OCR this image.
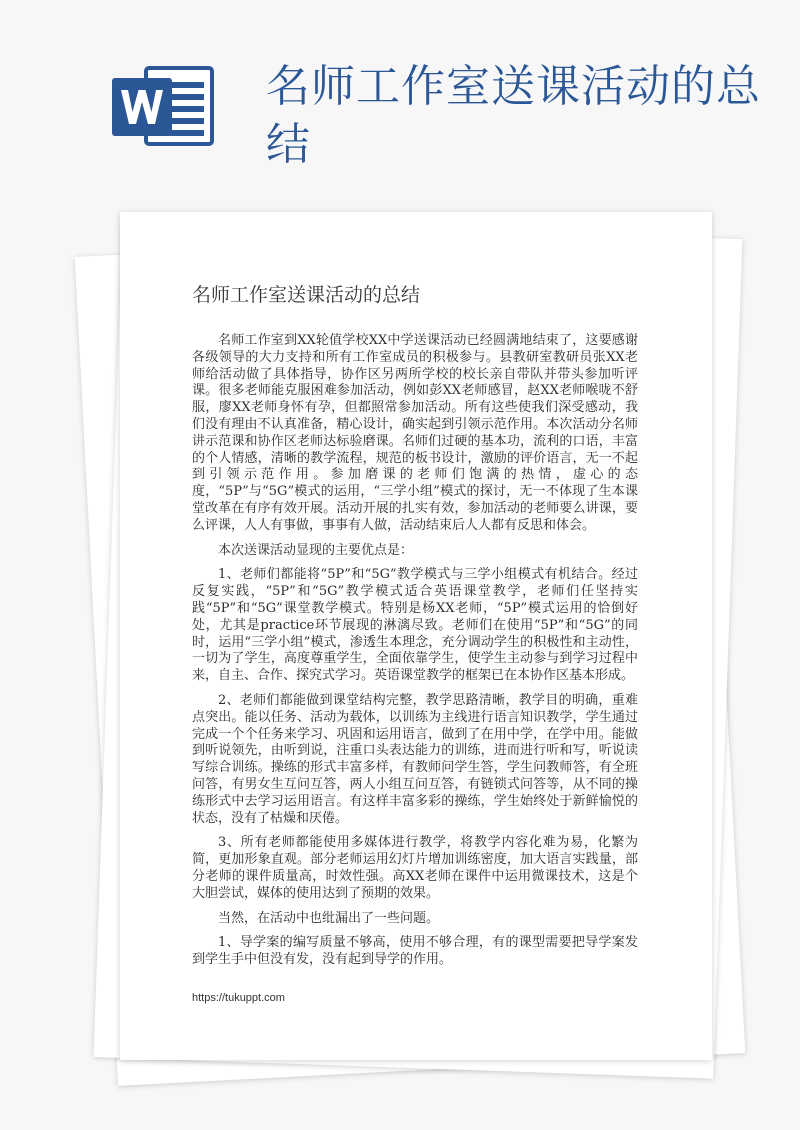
名师工作室送课活动的总结
名师工作室送课活动的总结

名师工作室到XX轮值学校XX中学送课活动已经圆满地结束了，这要感谢各级领导的大力支持和所有工作室成员的积极参与。县教研室教研员张XX老师给活动做了具体指导，协作区另两所学校的校长亲自带队并带头参加听评课。很多老师能克服困难参加活动，例如彭XX老师感冒，赵XX老师喉咙不舒服，廖XX老师身怀有孕，但都照常参加活动。所有这些使我们深受感动，我们没有理由不认真准备，精心设计，确实起到引领示范作用。本次活动分名师讲示范课和协作区老师达标验磨课。名师们过硬的基本功，流利的口语，丰富的个人情感，清晰的教学流程，规范的板书设计，激励的评价语言，无一不起到引领示范作用。参加磨课的老师们饱满的热情，虚心的态度，“5P”与“5G”模式的运用，“三学小组”模式的探讨，无一不体现了生本课堂改革在有序有效开展。活动开展的扎实有效，参加活动的老师要么讲课，要么评课，人人有事做，事事有人做，活动结束后人人都有反思和体会。

本次送课活动显现的主要优点是：

1、老师们都能将“5P”和“5G”教学模式与三学小组模式有机结合。经过反复实践，“5P”和“5G”教学模式适合英语课堂教学，老师们任坚持实践“5P”和“5G”课堂教学模式。特别是杨XX老师，“5P”模式运用的恰倒好处，尤其是practice环节展现的淋漓尽致。老师们在使用“5P”和“5G”的同时，运用“三学小组”模式，渗透生本理念，充分调动学生的积极性和主动性，一切为了学生，高度尊重学生，全面依靠学生，使学生主动参与到学习过程中来，自主、合作、探究式学习。英语课堂教学的框架已在本协作区基本形成。

2、老师们都能做到课堂结构完整，教学思路清晰，教学目的明确，重难点突出。能以任务、活动为载体，以训练为主线进行语言知识教学，学生通过完成一个个任务来学习、巩固和运用语言，做到了在用中学，在学中用。能做到听说领先，由听到说，注重口头表达能力的训练，进而进行听和写，听说读写综合训练。操练的形式丰富多样，有教师问学生答，学生问教师答，有全班问答，有男女生互问互答，两人小组互问互答，有链锁式问答等，从不同的操练形式中去学习运用语言。有这样丰富多彩的操练，学生始终处于新鲜愉悦的状态，没有了枯燥和厌倦。

3、所有老师都能使用多媒体进行教学，将教学内容化难为易，化繁为简，更加形象直观。部分老师运用幻灯片增加训练密度，加大语言实践量，部分老师的课件质量高，时效性强。高XX老师在课件中运用微课技术，这是个大胆尝试，媒体的使用达到了预期的效果。

当然，在活动中也纰漏出了一些问题。

1、导学案的编写质量不够高，使用不够合理，有的课型需要把导学案发到学生手中但没有发，没有起到导学的作用。

https://tukuppt.com
